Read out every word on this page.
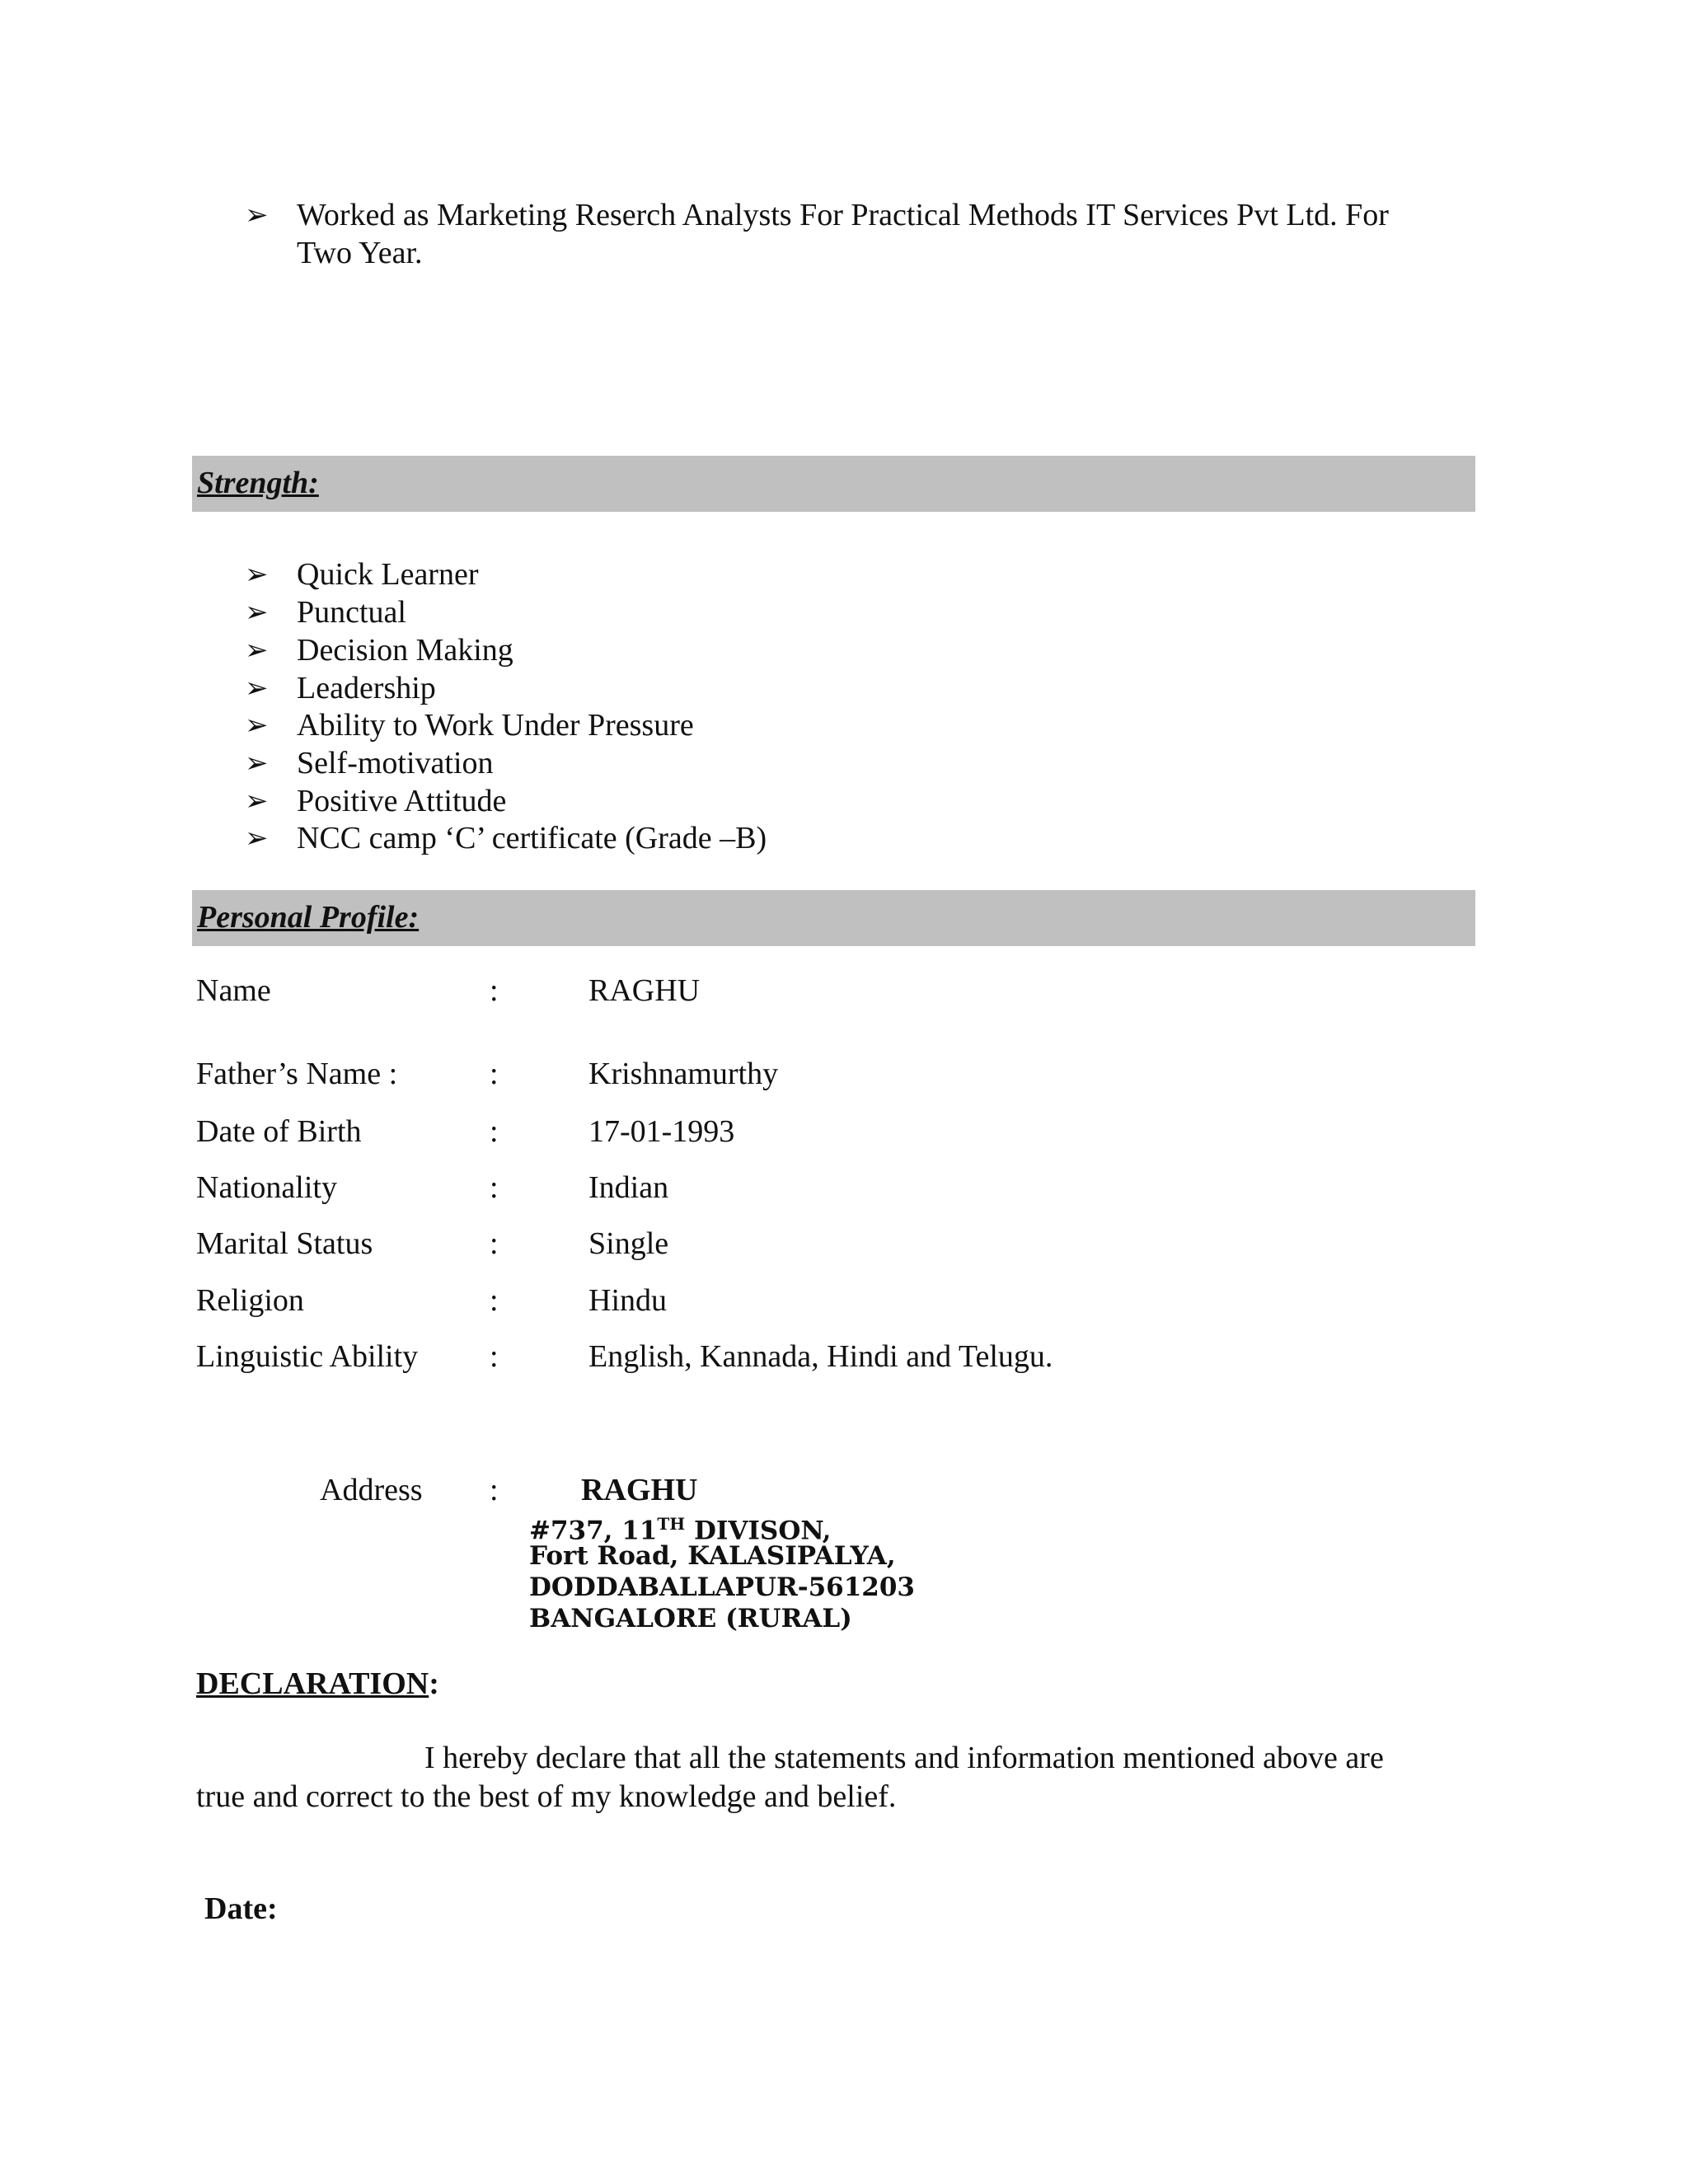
➢ Worked as Marketing Reserch Analysts For Practical Methods IT Services Pvt Ltd. For
Two Year.
Strength:
➢ Quick Learner
➢ Punctual
➢ Decision Making
➢ Leadership
➢ Ability to Work Under Pressure
➢ Self-motivation
➢ Positive Attitude
➢ NCC camp ‘C’ certificate (Grade –B)
Personal Profile:
Name	:	RAGHU
Father’s Name :	:	Krishnamurthy
Date of Birth	:	17-01-1993
Nationality	:	Indian
Marital Status	:	Single
Religion	:	Hindu
Linguistic Ability :	English, Kannada, Hindi and Telugu.
Address :	RAGHU
#737, 11TH DIVISON,
Fort Road, KALASIPALYA,
DODDABALLAPUR-561203
BANGALORE (RURAL)
DECLARATION:
I hereby declare that all the statements and information mentioned above are
true and correct to the best of my knowledge and belief.
Date:
